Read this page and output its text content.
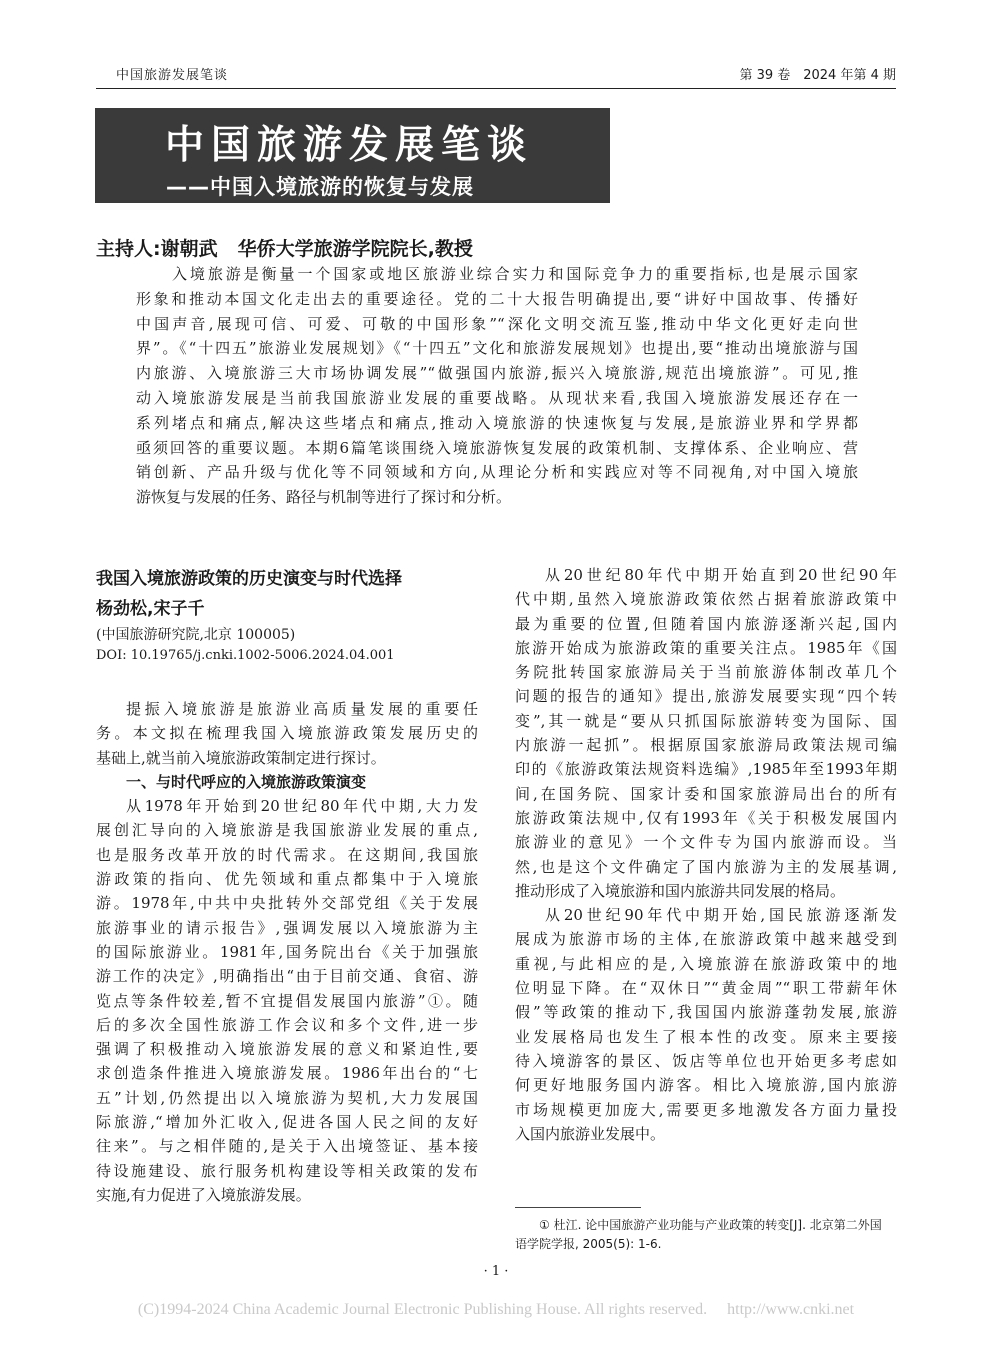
中国旅游发展笔谈	第 39 卷　2024 年第 4 期
中国旅游发展笔谈
——中国入境旅游的恢复与发展
主持人:谢朝武 华侨大学旅游学院院长,教授
入境旅游是衡量一个国家或地区旅游业综合实力和国际竞争力的重要指标,也是展示国家
形象和推动本国文化走出去的重要途径。党的二十大报告明确提出,要“讲好中国故事、传播好
中国声音,展现可信、可爱、可敬的中国形象”“深化文明交流互鉴,推动中华文化更好走向世
界”。《“十四五”旅游业发展规划》《“十四五”文化和旅游发展规划》也提出,要“推动出境旅游与国
内旅游、入境旅游三大市场协调发展”“做强国内旅游,振兴入境旅游,规范出境旅游”。可见,推
动入境旅游发展是当前我国旅游业发展的重要战略。从现状来看,我国入境旅游发展还存在一
系列堵点和痛点,解决这些堵点和痛点,推动入境旅游的快速恢复与发展,是旅游业界和学界都
亟须回答的重要议题。本期6篇笔谈围绕入境旅游恢复发展的政策机制、支撑体系、企业响应、营
销创新、产品升级与优化等不同领域和方向,从理论分析和实践应对等不同视角,对中国入境旅
游恢复与发展的任务、路径与机制等进行了探讨和分析。
我国入境旅游政策的历史演变与时代选择
杨劲松,宋子千
(中国旅游研究院,北京 100005)
DOI: 10.19765/j.cnki.1002-5006.2024.04.001
提振入境旅游是旅游业高质量发展的重要任
务。本文拟在梳理我国入境旅游政策发展历史的
基础上,就当前入境旅游政策制定进行探讨。
一、与时代呼应的入境旅游政策演变
从1978年开始到20世纪80年代中期,大力发
展创汇导向的入境旅游是我国旅游业发展的重点,
也是服务改革开放的时代需求。在这期间,我国旅
游政策的指向、优先领域和重点都集中于入境旅
游。1978年,中共中央批转外交部党组《关于发展
旅游事业的请示报告》,强调发展以入境旅游为主
的国际旅游业。1981年,国务院出台《关于加强旅
游工作的决定》,明确指出“由于目前交通、食宿、游
览点等条件较差,暂不宜提倡发展国内旅游”①。随
后的多次全国性旅游工作会议和多个文件,进一步
强调了积极推动入境旅游发展的意义和紧迫性,要
求创造条件推进入境旅游发展。1986年出台的“七
五”计划,仍然提出以入境旅游为契机,大力发展国
际旅游,“增加外汇收入,促进各国人民之间的友好
往来”。与之相伴随的,是关于入出境签证、基本接
待设施建设、旅行服务机构建设等相关政策的发布
实施,有力促进了入境旅游发展。
从20世纪80年代中期开始直到20世纪90年
代中期,虽然入境旅游政策依然占据着旅游政策中
最为重要的位置,但随着国内旅游逐渐兴起,国内
旅游开始成为旅游政策的重要关注点。1985年《国
务院批转国家旅游局关于当前旅游体制改革几个
问题的报告的通知》提出,旅游发展要实现“四个转
变”,其一就是“要从只抓国际旅游转变为国际、国
内旅游一起抓”。根据原国家旅游局政策法规司编
印的《旅游政策法规资料选编》,1985年至1993年期
间,在国务院、国家计委和国家旅游局出台的所有
旅游政策法规中,仅有1993年《关于积极发展国内
旅游业的意见》一个文件专为国内旅游而设。当
然,也是这个文件确定了国内旅游为主的发展基调,
推动形成了入境旅游和国内旅游共同发展的格局。
从20世纪90年代中期开始,国民旅游逐渐发
展成为旅游市场的主体,在旅游政策中越来越受到
重视,与此相应的是,入境旅游在旅游政策中的地
位明显下降。在“双休日”“黄金周”“职工带薪年休
假”等政策的推动下,我国国内旅游蓬勃发展,旅游
业发展格局也发生了根本性的改变。原来主要接
待入境游客的景区、饭店等单位也开始更多考虑如
何更好地服务国内游客。相比入境旅游,国内旅游
市场规模更加庞大,需要更多地激发各方面力量投
入国内旅游业发展中。
① 杜江. 论中国旅游产业功能与产业政策的转变[J]. 北京第二外国
语学院学报, 2005(5): 1-6.
· 1 ·
(C)1994-2024 China Academic Journal Electronic Publishing House. All rights reserved.　 http://www.cnki.net
